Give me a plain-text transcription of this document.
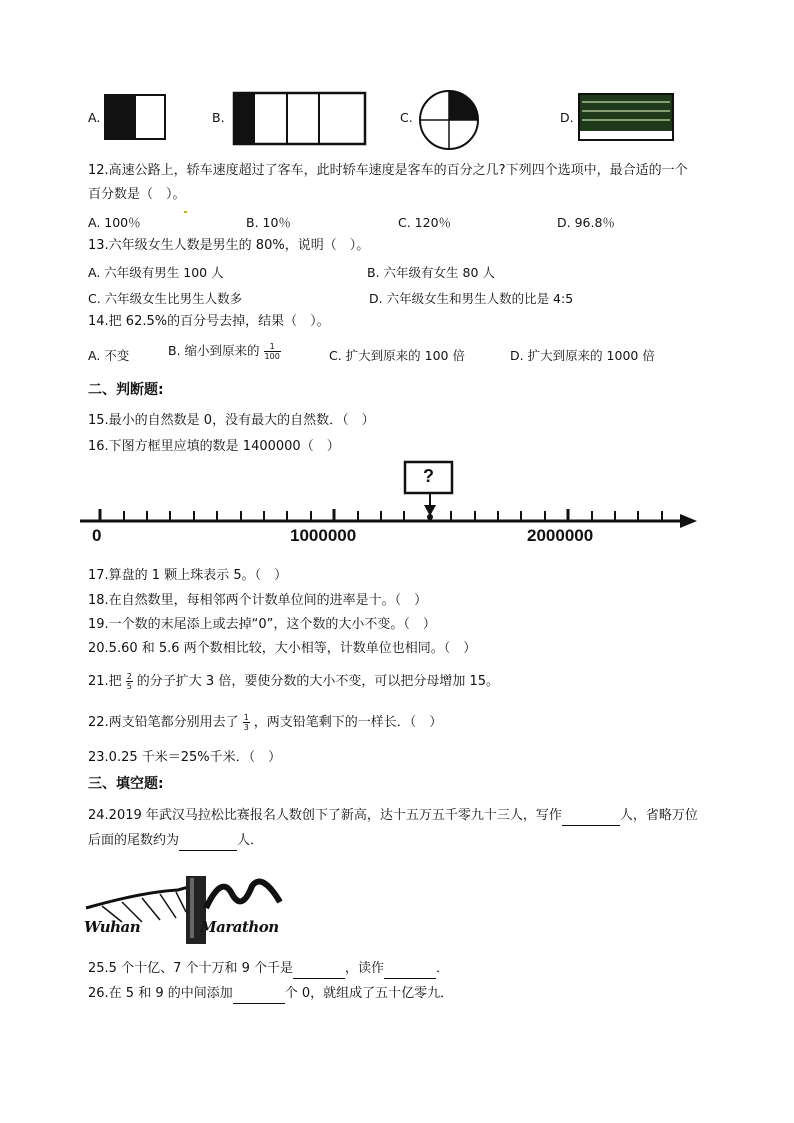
A.	B.	C.	D.
12.高速公路上，轿车速度超过了客车，此时轿车速度是客车的百分之几?下列四个选项中，最合适的一个
百分数是（　）。
A. 100％	B. 10％	C. 120％	D. 96.8％
13.六年级女生人数是男生的 80%，说明（　）。
A. 六年级有男生 100 人	B. 六年级有女生 80 人
C. 六年级女生比男生人数多	D. 六年级女生和男生人数的比是 4:5
14.把 62.5%的百分号去掉，结果（　）。
A. 不变	B. 缩小到原来的 $\frac{1}{100}$	C. 扩大到原来的 100 倍	D. 扩大到原来的 1000 倍
二、判断题:
15.最小的自然数是 0，没有最大的自然数．（　）
16.下图方框里应填的数是 1400000（　）
?
0	1000000	2000000
17.算盘的 1 颗上珠表示 5。（　）
18.在自然数里，每相邻两个计数单位间的进率是十。（　）
19.一个数的末尾添上或去掉“0”，这个数的大小不变。（　）
20.5.60 和 5.6 两个数相比较，大小相等，计数单位也相同。（　）
21.把 $\frac{2}{5}$ 的分子扩大 3 倍，要使分数的大小不变，可以把分母增加 15。
22.两支铅笔都分别用去了 $\frac{1}{3}$ ，两支铅笔剩下的一样长．（　）
23.0.25 千米＝25%千米．（　）
三、填空题:
24.2019 年武汉马拉松比赛报名人数创下了新高，达十五万五千零九十三人，写作	人，省略万位
后面的尾数约为	人．
Wuhan	Marathon
25.5 个十亿、7 个十万和 9 个千是	，读作	．
26.在 5 和 9 的中间添加	个 0，就组成了五十亿零九．
